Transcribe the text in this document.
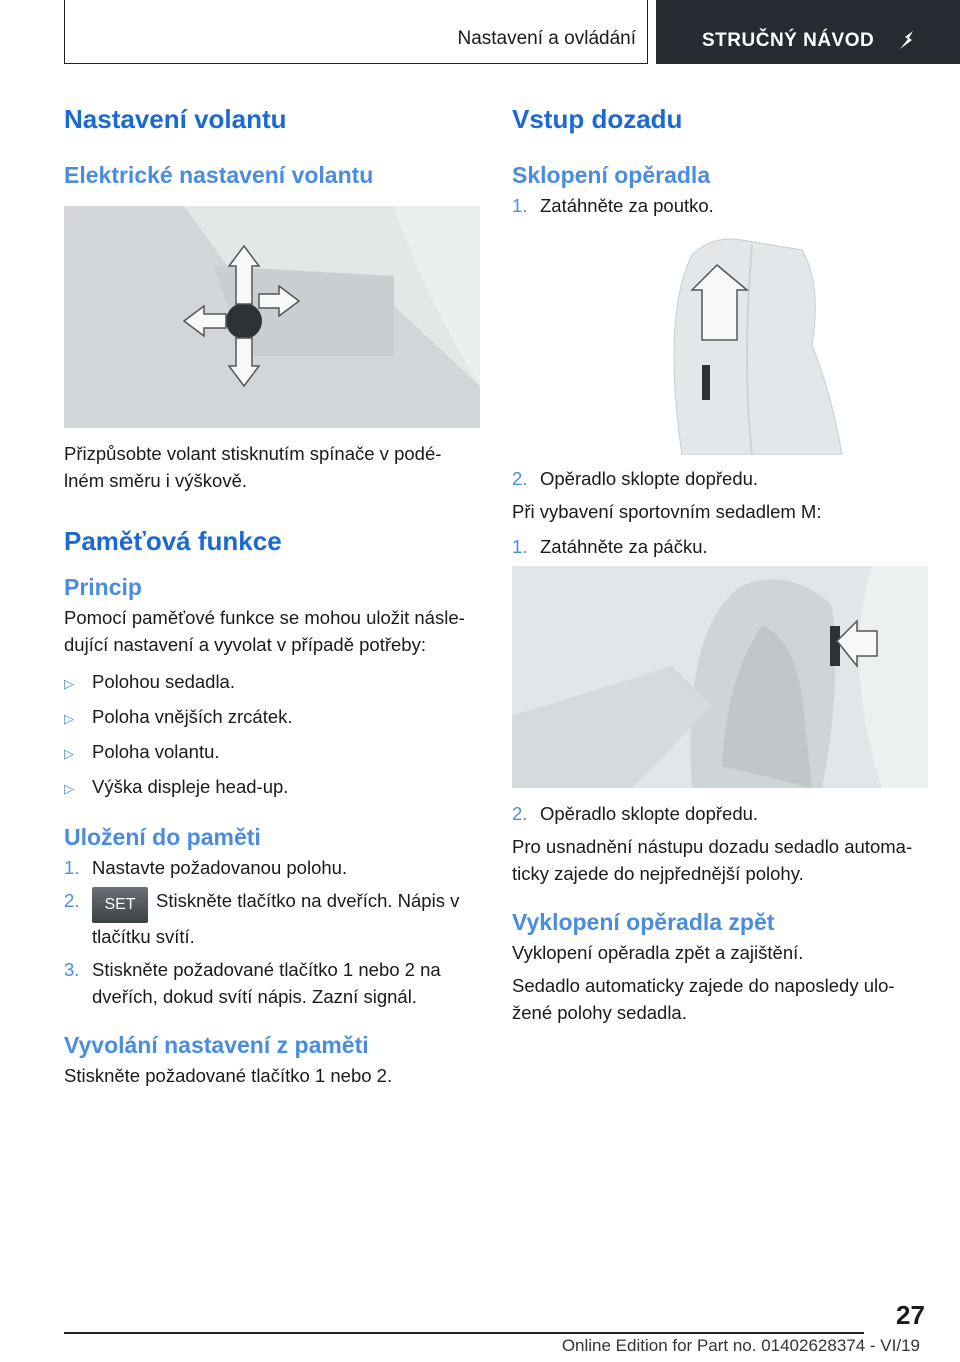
Nastavení a ovládání	STRUČNÝ NÁVOD
Nastavení volantu
Elektrické nastavení volantu

Přizpůsobte volant stisknutím spínače v podé-lném směru i výškově.

Paměťová funkce
Princip

Pomocí paměťové funkce se mohou uložit násle-dující nastavení a vyvolat v případě potřeby:

▷ Polohou sedadla.
▷ Poloha vnějších zrcátek.
▷ Poloha volantu.
▷ Výška displeje head-up.
Uložení do paměti
1. Nastavte požadovanou polohu.
2.	SET Stiskněte tlačítko na dveřích. Nápis v tlačítku svítí.
3. Stiskněte požadované tlačítko 1 nebo 2 na dveřích, dokud svítí nápis. Zazní signál.
Vyvolání nastavení z paměti

Stiskněte požadované tlačítko 1 nebo 2.

Vstup dozadu
Sklopení opěradla
1. Zatáhněte za poutko.
2. Opěradlo sklopte dopředu.

Při vybavení sportovním sedadlem M:

1. Zatáhněte za páčku.
2. Opěradlo sklopte dopředu.

Pro usnadnění nástupu dozadu sedadlo automa-ticky zajede do nejpřednější polohy.

Vyklopení opěradla zpět

Vyklopení opěradla zpět a zajištění.

Sedadlo automaticky zajede do naposledy ulo-žené polohy sedadla.

27
Online Edition for Part no. 01402628374 - VI/19
